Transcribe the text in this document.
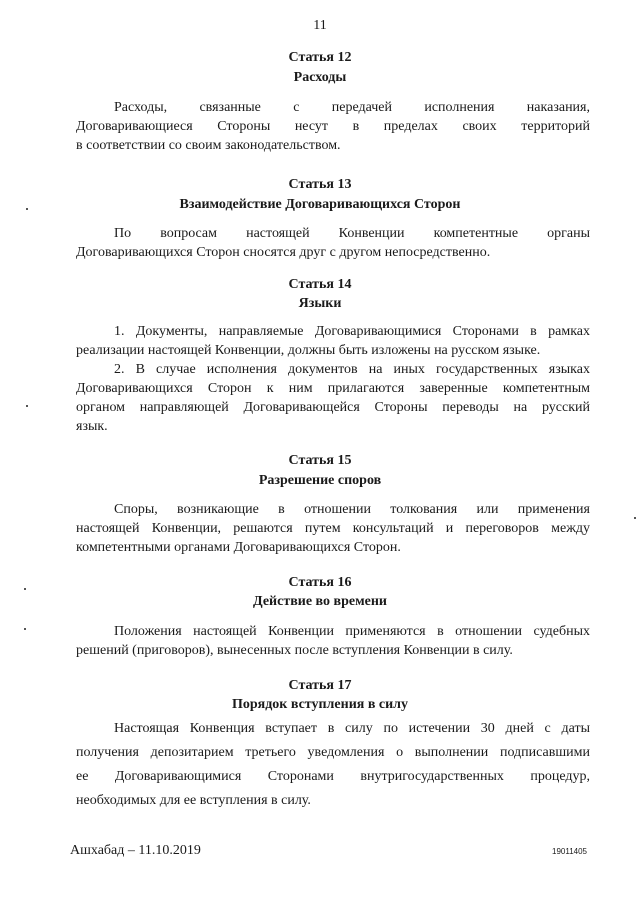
11
Статья 12
Расходы
Расходы, связанные с передачей исполнения наказания,
Договаривающиеся Стороны несут в пределах своих территорий
в соответствии со своим законодательством.
Статья 13
Взаимодействие Договаривающихся Сторон
По вопросам настоящей Конвенции компетентные органы
Договаривающихся Сторон сносятся друг с другом непосредственно.
Статья 14
Языки
1. Документы, направляемые Договаривающимися Сторонами в рамках
реализации настоящей Конвенции, должны быть изложены на русском языке.
2. В случае исполнения документов на иных государственных языках
Договаривающихся Сторон к ним прилагаются заверенные компетентным
органом направляющей Договаривающейся Стороны переводы на русский
язык.
Статья 15
Разрешение споров
Споры, возникающие в отношении толкования или применения
настоящей Конвенции, решаются путем консультаций и переговоров между
компетентными органами Договаривающихся Сторон.
Статья 16
Действие во времени
Положения настоящей Конвенции применяются в отношении судебных
решений (приговоров), вынесенных после вступления Конвенции в силу.
Статья 17
Порядок вступления в силу
Настоящая Конвенция вступает в силу по истечении 30 дней с даты
получения депозитарием третьего уведомления о выполнении подписавшими
ее Договаривающимися Сторонами внутригосударственных процедур,
необходимых для ее вступления в силу.
Ашхабад – 11.10.2019	19011405
